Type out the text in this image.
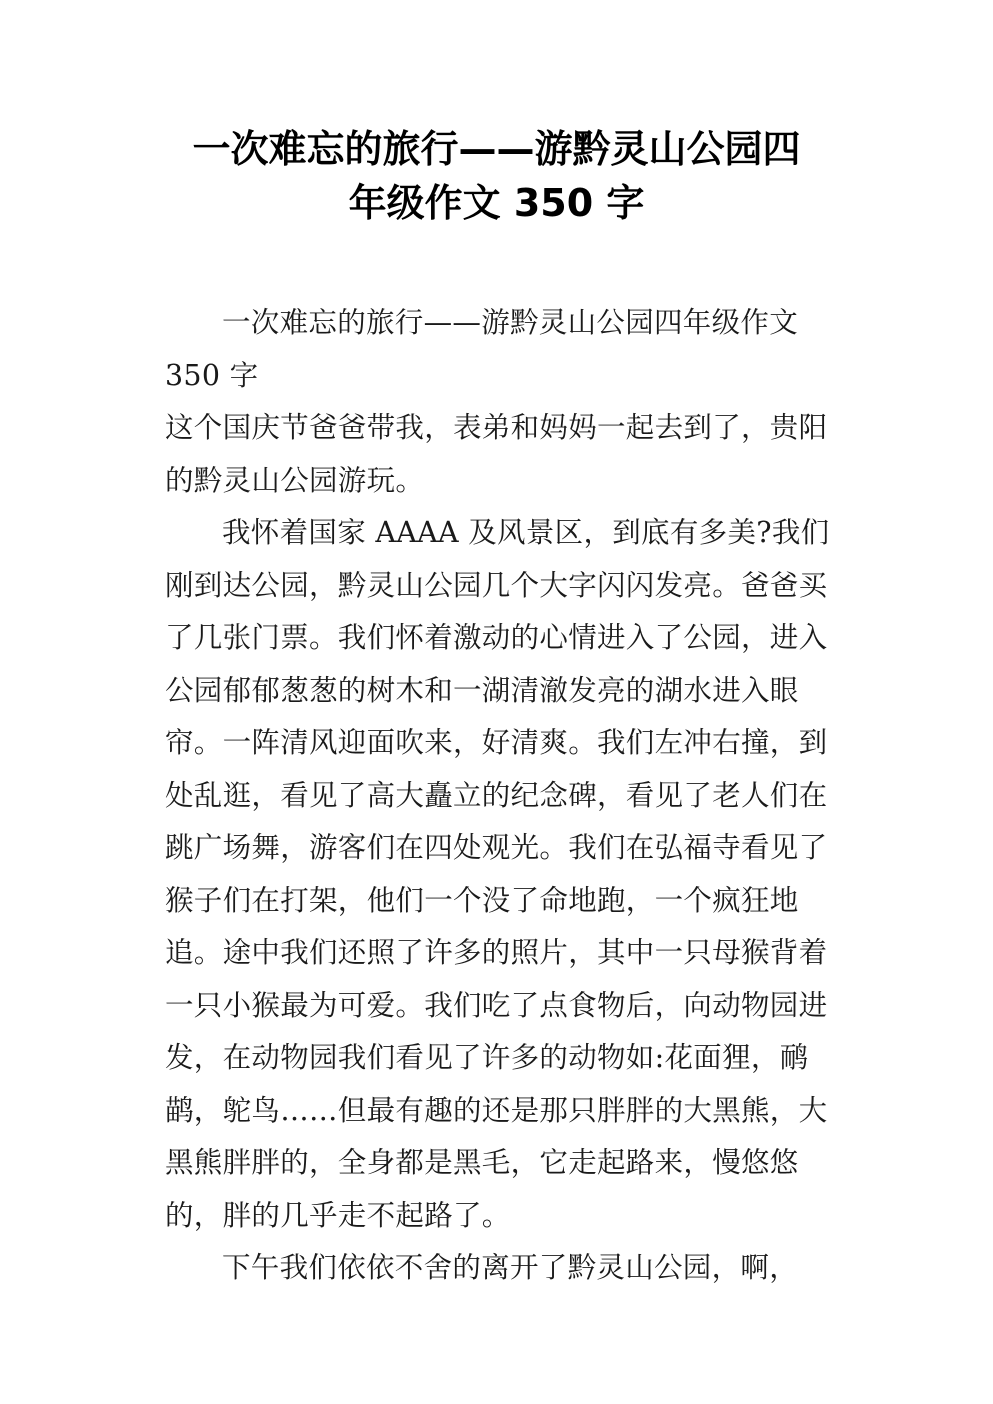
一次难忘的旅行——游黔灵山公园四
年级作文 350 字

一次难忘的旅行——游黔灵山公园四年级作文 350 字

这个国庆节爸爸带我，表弟和妈妈一起去到了，贵阳的黔灵山公园游玩。

我怀着国家 AAAA 及风景区，到底有多美?我们刚到达公园，黔灵山公园几个大字闪闪发亮。爸爸买了几张门票。我们怀着激动的心情进入了公园，进入公园郁郁葱葱的树木和一湖清澈发亮的湖水进入眼帘。一阵清风迎面吹来，好清爽。我们左冲右撞，到处乱逛，看见了高大矗立的纪念碑，看见了老人们在跳广场舞，游客们在四处观光。我们在弘福寺看见了猴子们在打架，他们一个没了命地跑，一个疯狂地追。途中我们还照了许多的照片，其中一只母猴背着一只小猴最为可爱。我们吃了点食物后，向动物园进发，在动物园我们看见了许多的动物如:花面狸，鸸鹋，鸵鸟……但最有趣的还是那只胖胖的大黑熊，大黑熊胖胖的，全身都是黑毛，它走起路来，慢悠悠的，胖的几乎走不起路了。

下午我们依依不舍的离开了黔灵山公园，啊，
